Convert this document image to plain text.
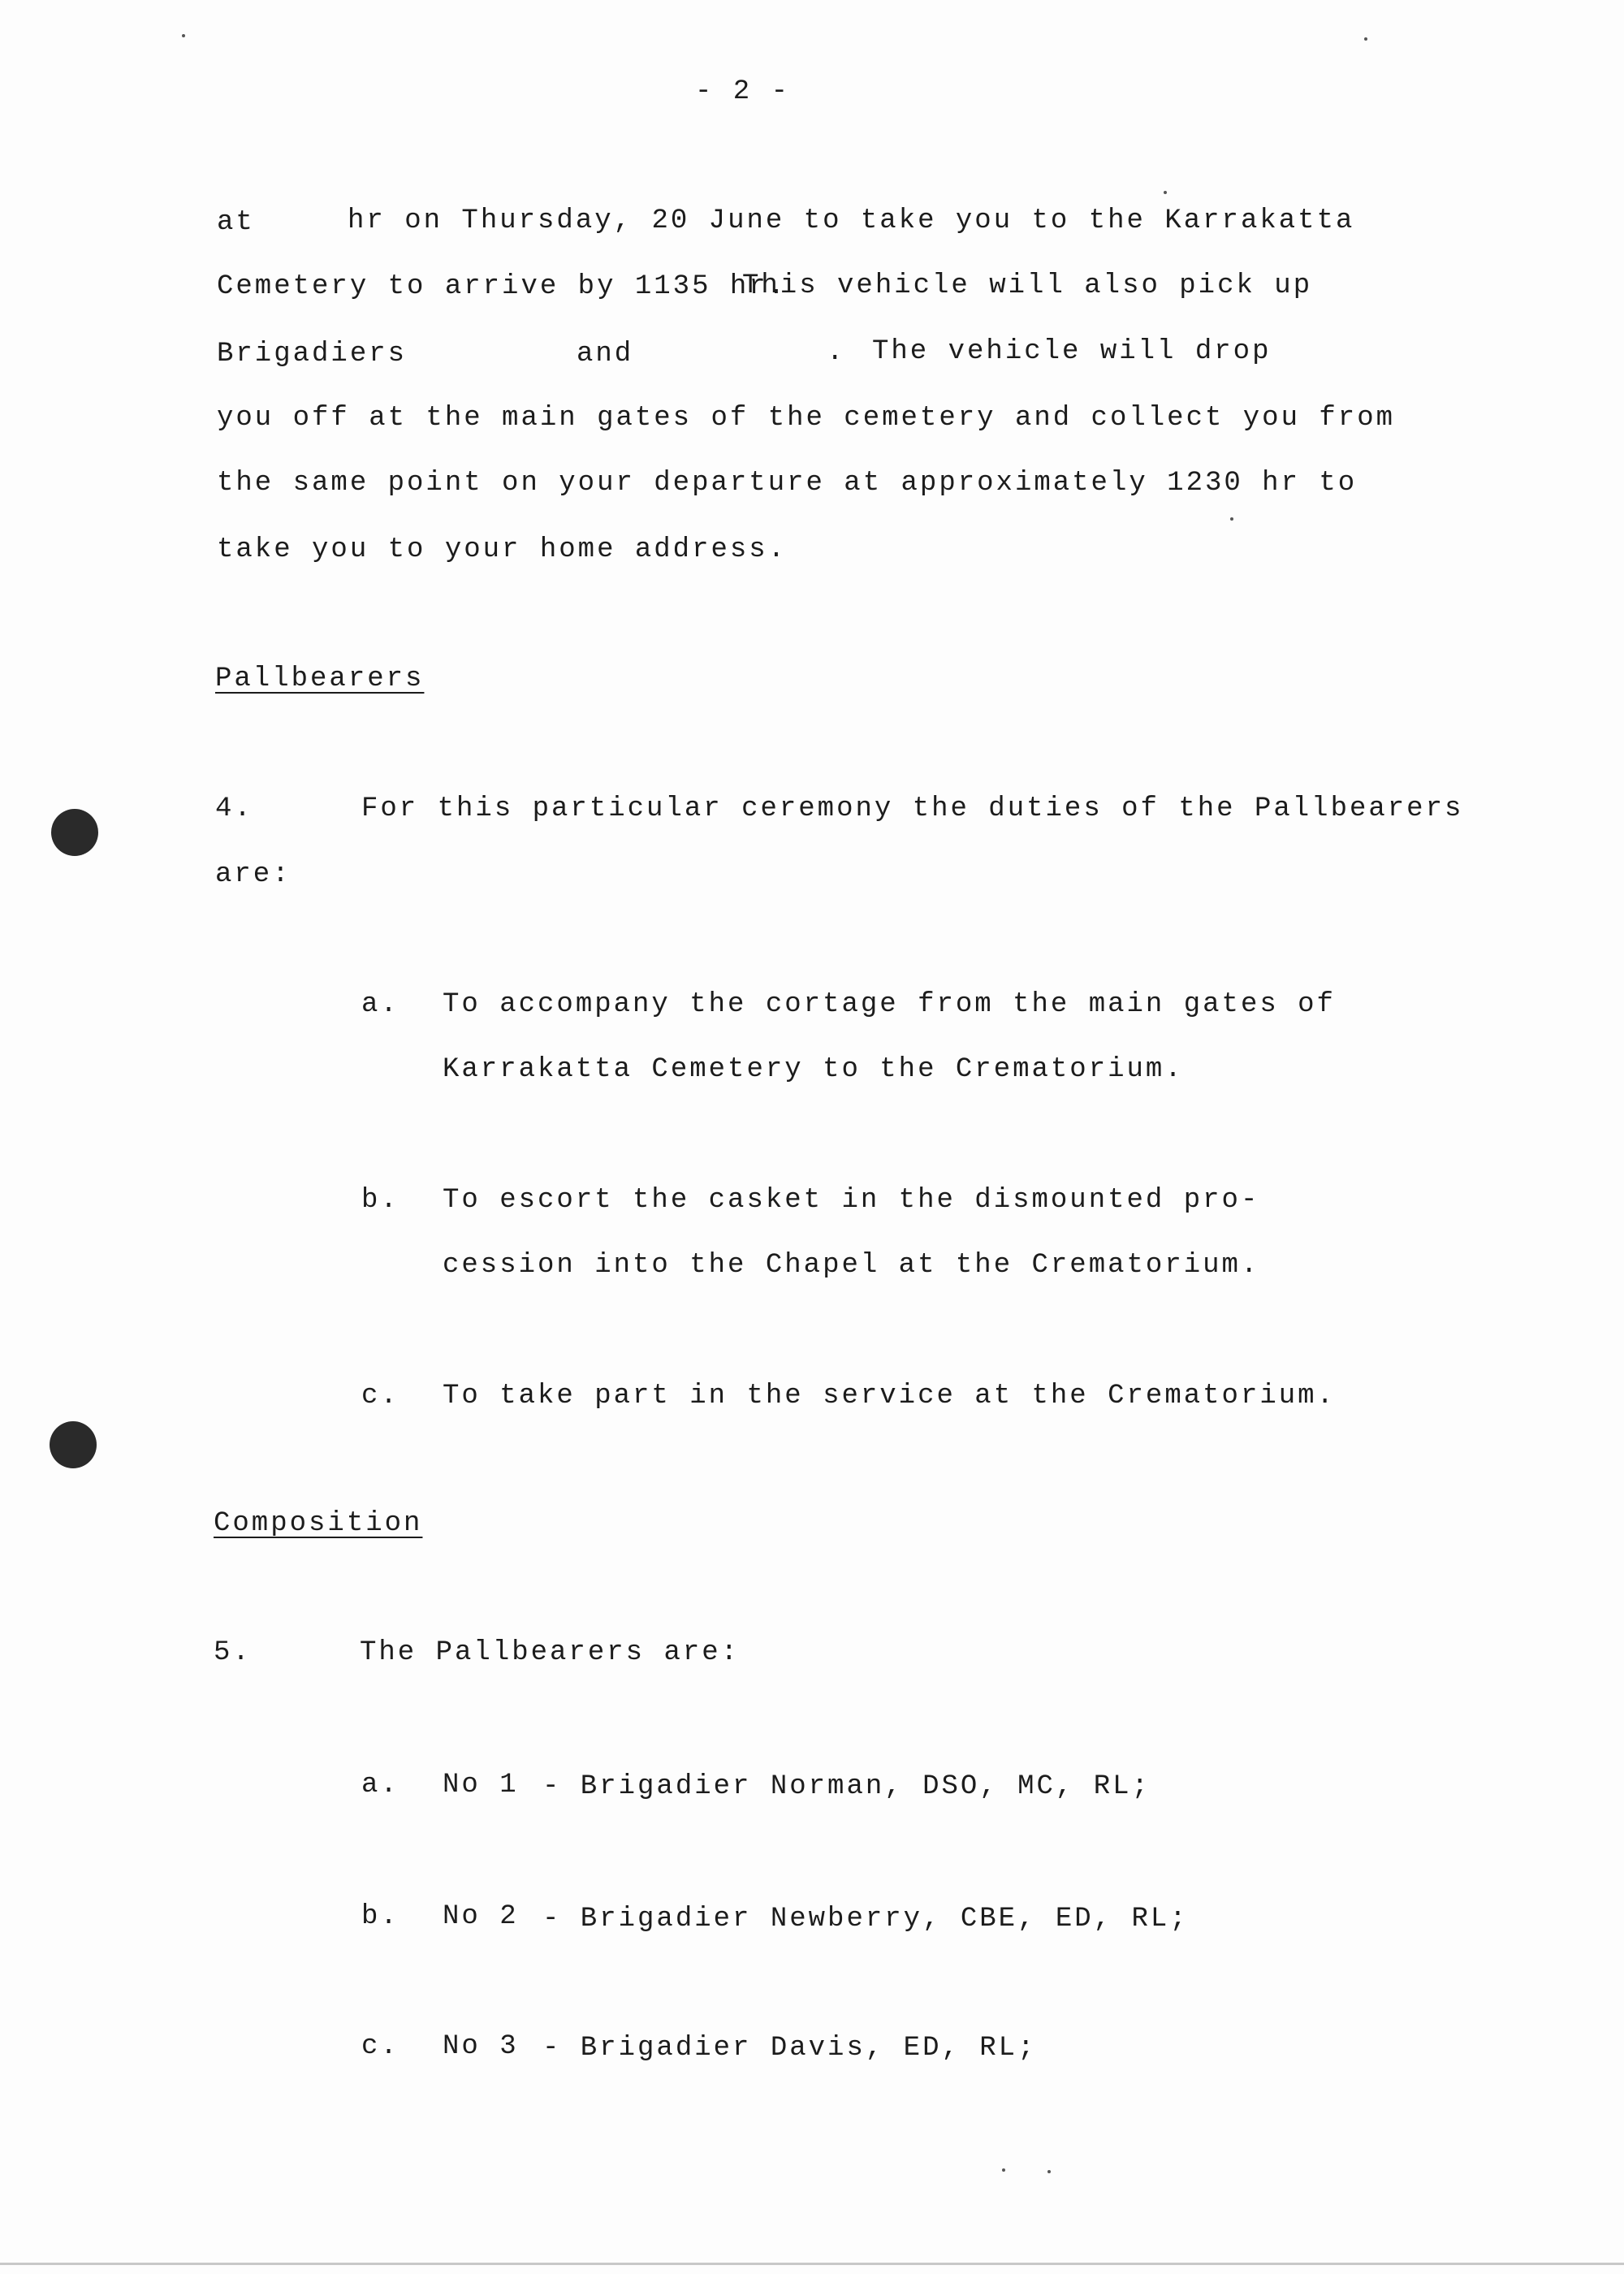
- 2 -
at	hr on Thursday, 20 June to take you to the Karrakatta
Cemetery to arrive by 1135 hr.
This vehicle will also pick up
Brigadiers	and	. The vehicle will drop
you off at the main gates of the cemetery and collect you from
the same point on your departure at approximately 1230 hr to
take you to your home address.
Pallbearers
4.	For this particular ceremony the duties of the Pallbearers
are:
a. To accompany the cortage from the main gates of
Karrakatta Cemetery to the Crematorium.
b. To escort the casket in the dismounted pro-
cession into the Chapel at the Crematorium.
c. To take part in the service at the Crematorium.
Composition
5.	The Pallbearers are:
a. No 1 - Brigadier Norman, DSO, MC, RL;
b. No 2 - Brigadier Newberry, CBE, ED, RL;
c. No 3 - Brigadier Davis, ED, RL;
